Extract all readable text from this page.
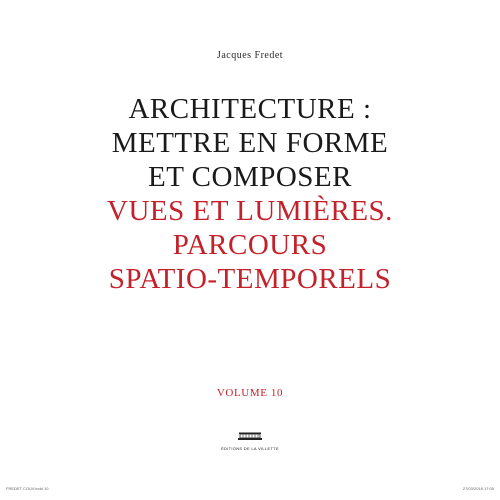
Jacques Fredet
ARCHITECTURE :
METTRE EN FORME
ET COMPOSER
VUES ET LUMIÈRES.
PARCOURS
SPATIO-TEMPORELS
VOLUME 10
ÉDITIONS DE LA VILLETTE
FREDET COUV.indd 10	27/03/2018 17:05
